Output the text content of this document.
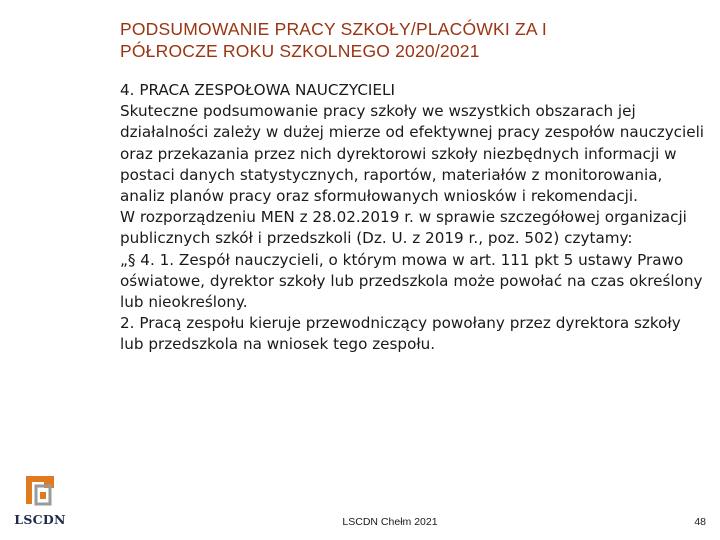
PODSUMOWANIE PRACY SZKOŁY/PLACÓWKI ZA I
PÓŁROCZE ROKU SZKOLNEGO 2020/2021

4. PRACA ZESPOŁOWA NAUCZYCIELI

Skuteczne podsumowanie pracy szkoły we wszystkich obszarach jej działalności zależy w dużej mierze od efektywnej pracy zespołów nauczycieli oraz przekazania przez nich dyrektorowi szkoły niezbędnych informacji w postaci danych statystycznych, raportów, materiałów z monitorowania, analiz planów pracy oraz sformułowanych wniosków i rekomendacji.

W rozporządzeniu MEN z 28.02.2019 r. w sprawie szczegółowej organizacji publicznych szkół i przedszkoli (Dz. U. z 2019 r., poz. 502) czytamy:

„§ 4. 1. Zespół nauczycieli, o którym mowa w art. 111 pkt 5 ustawy Prawo oświatowe, dyrektor szkoły lub przedszkola może powołać na czas określony lub nieokreślony.

2. Pracą zespołu kieruje przewodniczący powołany przez dyrektora szkoły lub przedszkola na wniosek tego zespołu.

LSCDN	LSCDN Chełm 2021	48
